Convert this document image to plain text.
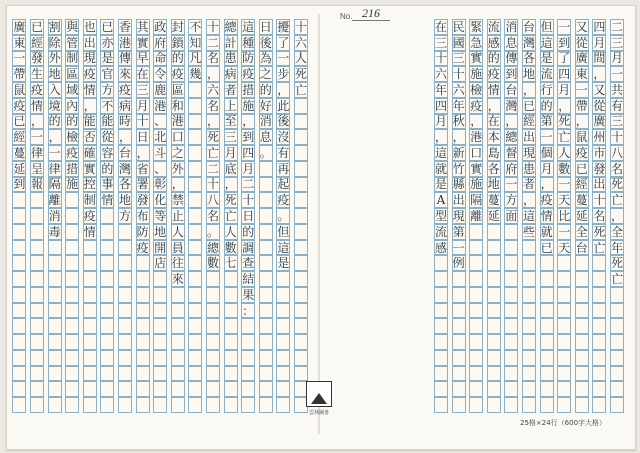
No. 216
十
六
人
死
亡
擾
了
一
步
，
此
後
沒
有
再
起
疫
。
但
這
是
日
後
為
之
的
好
消
息
。
這
種
防
疫
措
施
，
到
四
月
二
十
日
的
調
查
結
果
：
總
計
患
病
者
上
至
三
月
底
，
死
亡
人
數
七
十
二
名
，
六
名
，
死
亡
二
十
八
名
。
總
數
不
知
凡
幾
封
鎖
的
疫
區
和
港
口
之
外
，
禁
止
人
員
往
來
政
府
命
令
鹿
港
、
北
斗
、
彰
化
等
地
開
店
其
實
早
在
三
月
十
日
，
省
署
發
布
防
疫
香
港
傳
來
疫
病
時
，
台
灣
各
地
方
已
亦
是
官
方
不
能
從
容
的
事
情
也
出
現
疫
情
，
能
否
確
實
控
制
疫
情
與
管
制
區
域
內
的
檢
疫
措
施
割
除
外
地
入
境
的
，
一
律
隔
離
消
毒
已
經
發
生
疫
情
，
一
律
呈
報
廣
東
一
帶
鼠
疫
已
經
蔓
延
到
二
三
月
一
共
有
三
十
八
名
死
亡
，
全
年
死
亡
四
月
間
，
又
從
廣
州
市
發
出
十
名
死
亡
又
從
廣
東
一
帶
，
鼠
疫
已
經
蔓
延
全
台
一
到
了
四
月
，
死
亡
人
數
一
天
比
一
天
但
這
是
流
行
的
第
一
個
月
，
疫
情
就
已
台
灣
各
地
，
已
經
出
現
患
者
，
這
些
消
息
傳
到
台
灣
，
總
督
府
一
方
面
流
感
的
疫
情
，
在
本
島
各
地
蔓
延
緊
急
實
施
檢
疫
，
港
口
實
施
隔
離
民
國
三
十
六
年
秋
，
新
竹
縣
出
現
第
一
例
在
三
十
六
年
四
月
，
這
就
是
A
型
流
感
雲林圖書
25格×24行（600字大格）
